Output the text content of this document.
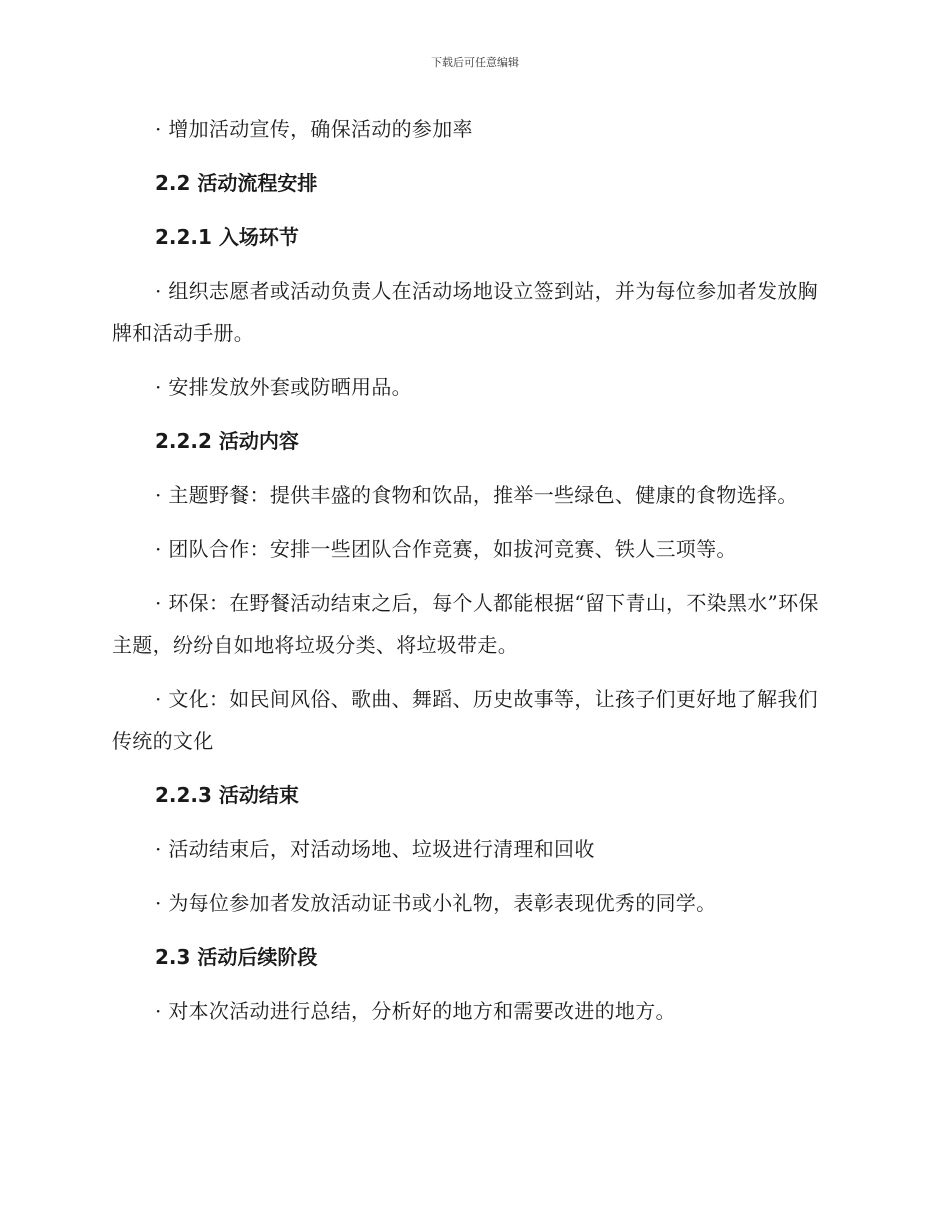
下载后可任意编辑

· 增加活动宣传，确保活动的参加率

2.2 活动流程安排

2.2.1 入场环节

· 组织志愿者或活动负责人在活动场地设立签到站，并为每位参加者发放胸牌和活动手册。

· 安排发放外套或防晒用品。

2.2.2 活动内容

· 主题野餐：提供丰盛的食物和饮品，推举一些绿色、健康的食物选择。

· 团队合作：安排一些团队合作竞赛，如拔河竞赛、铁人三项等。

· 环保：在野餐活动结束之后，每个人都能根据“留下青山，不染黑水”环保主题，纷纷自如地将垃圾分类、将垃圾带走。

· 文化：如民间风俗、歌曲、舞蹈、历史故事等，让孩子们更好地了解我们传统的文化

2.2.3 活动结束

· 活动结束后，对活动场地、垃圾进行清理和回收

· 为每位参加者发放活动证书或小礼物，表彰表现优秀的同学。

2.3 活动后续阶段

· 对本次活动进行总结，分析好的地方和需要改进的地方。
